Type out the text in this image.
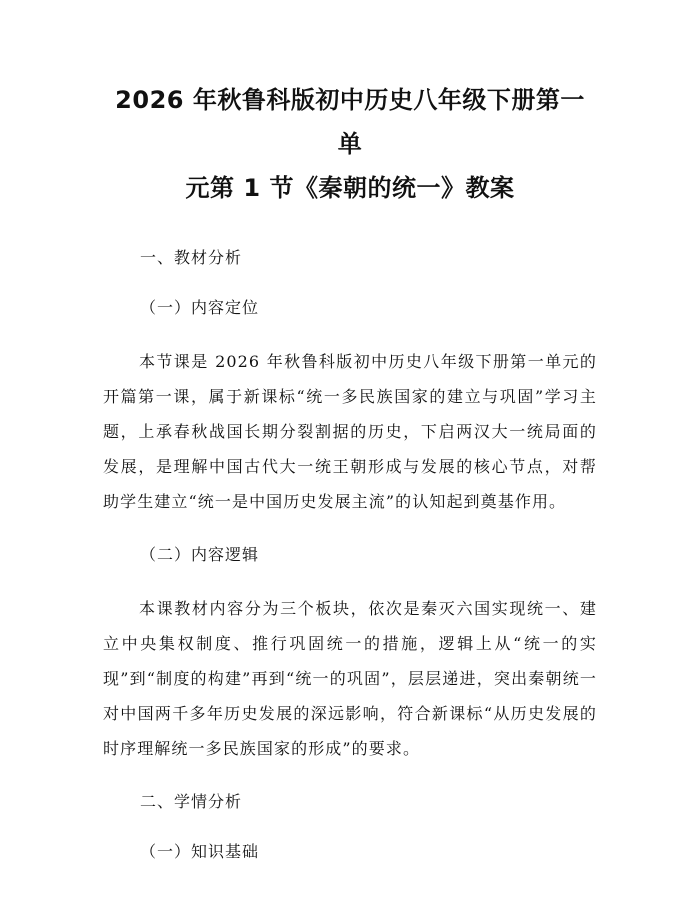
2026 年秋鲁科版初中历史八年级下册第一单
元第 1 节《秦朝的统一》教案

一、教材分析

（一）内容定位

本节课是 2026 年秋鲁科版初中历史八年级下册第一单元的开篇第一课，属于新课标“统一多民族国家的建立与巩固”学习主题，上承春秋战国长期分裂割据的历史，下启两汉大一统局面的发展，是理解中国古代大一统王朝形成与发展的核心节点，对帮助学生建立“统一是中国历史发展主流”的认知起到奠基作用。

（二）内容逻辑

本课教材内容分为三个板块，依次是秦灭六国实现统一、建立中央集权制度、推行巩固统一的措施，逻辑上从“统一的实现”到“制度的构建”再到“统一的巩固”，层层递进，突出秦朝统一对中国两千多年历史发展的深远影响，符合新课标“从历史发展的时序理解统一多民族国家的形成”的要求。

二、学情分析

（一）知识基础
